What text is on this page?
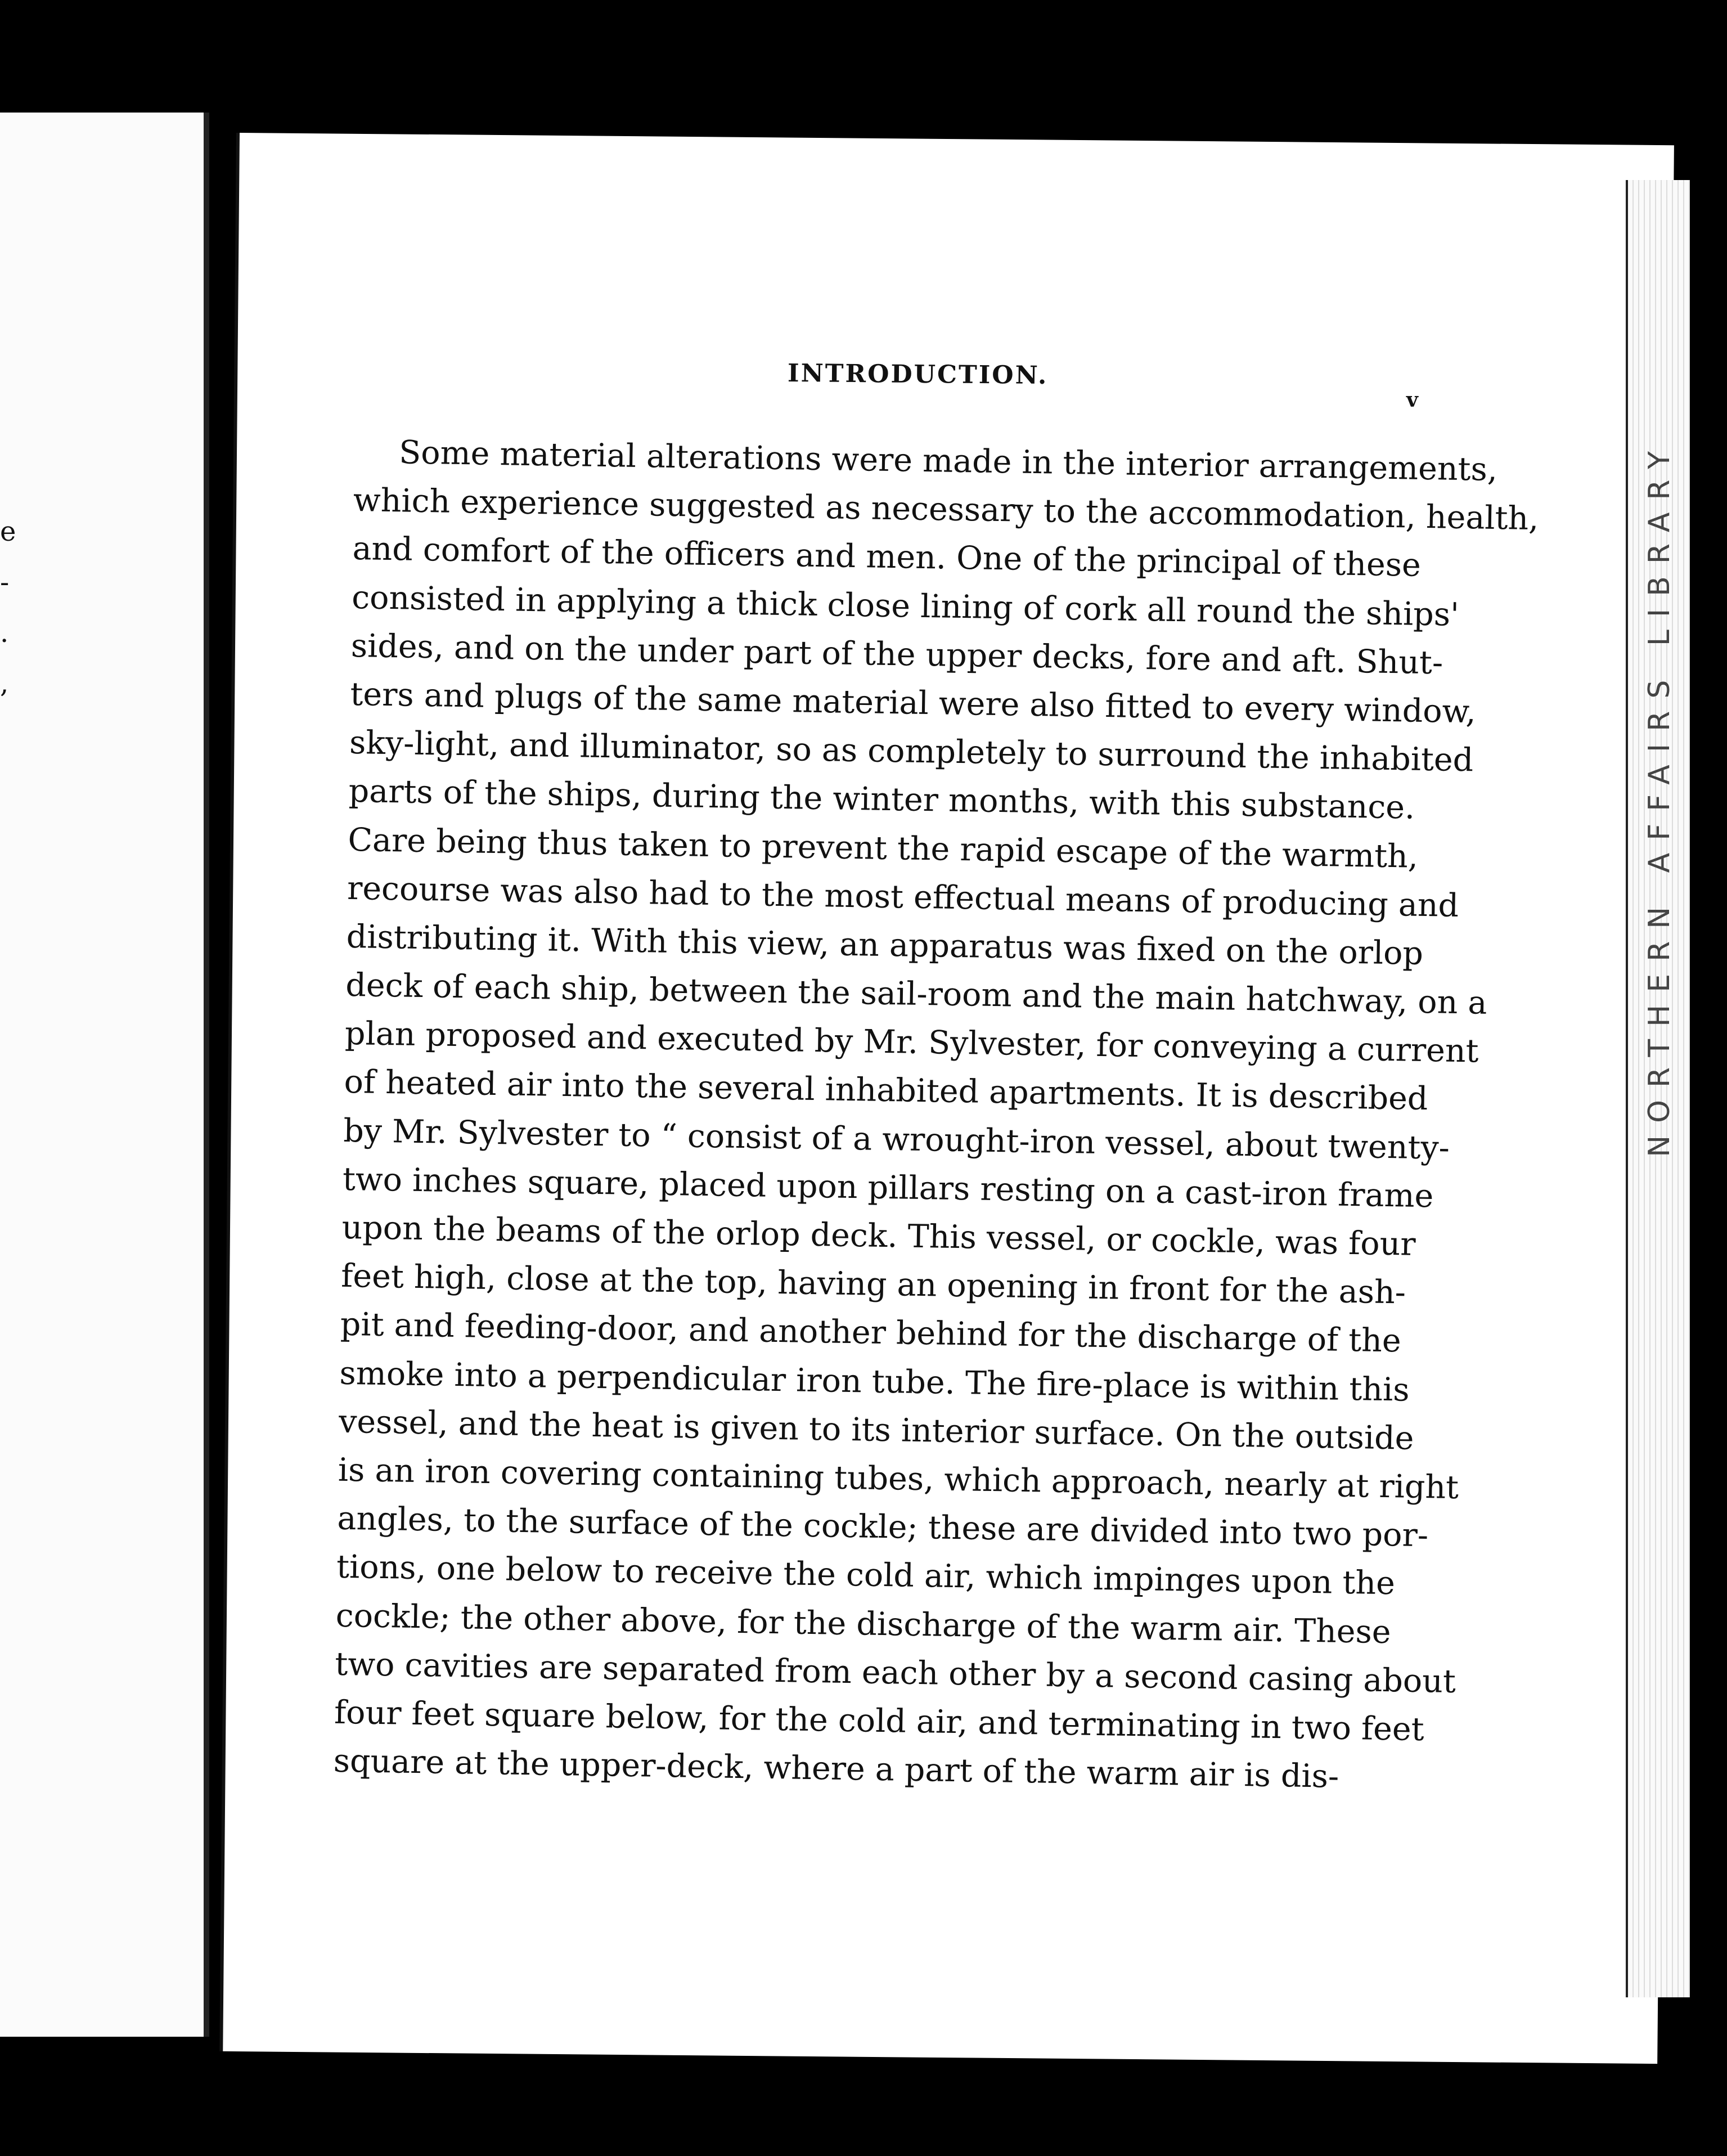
e
-
.
,	NORTHERN AFFAIRS LIBRARY
INTRODUCTION.
v
Some material alterations were made in the interior arrangements,
which experience suggested as necessary to the accommodation, health,
and comfort of the officers and men. One of the principal of these
consisted in applying a thick close lining of cork all round the ships'
sides, and on the under part of the upper decks, fore and aft. Shut-
ters and plugs of the same material were also fitted to every window,
sky-light, and illuminator, so as completely to surround the inhabited
parts of the ships, during the winter months, with this substance.
Care being thus taken to prevent the rapid escape of the warmth,
recourse was also had to the most effectual means of producing and
distributing it. With this view, an apparatus was fixed on the orlop
deck of each ship, between the sail-room and the main hatchway, on a
plan proposed and executed by Mr. Sylvester, for conveying a current
of heated air into the several inhabited apartments. It is described
by Mr. Sylvester to “ consist of a wrought-iron vessel, about twenty-
two inches square, placed upon pillars resting on a cast-iron frame
upon the beams of the orlop deck. This vessel, or cockle, was four
feet high, close at the top, having an opening in front for the ash-
pit and feeding-door, and another behind for the discharge of the
smoke into a perpendicular iron tube. The fire-place is within this
vessel, and the heat is given to its interior surface. On the outside
is an iron covering containing tubes, which approach, nearly at right
angles, to the surface of the cockle; these are divided into two por-
tions, one below to receive the cold air, which impinges upon the
cockle; the other above, for the discharge of the warm air. These
two cavities are separated from each other by a second casing about
four feet square below, for the cold air, and terminating in two feet
square at the upper-deck, where a part of the warm air is dis-
